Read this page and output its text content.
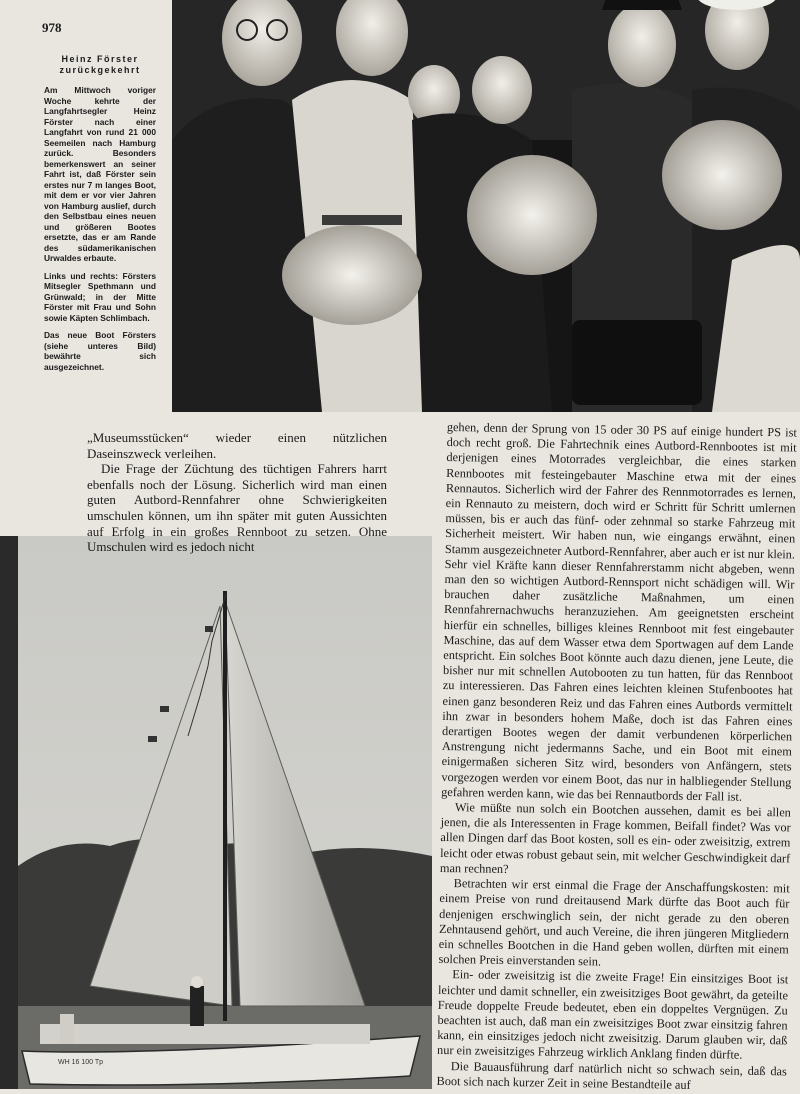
978
Heinz Förster
zurückgekehrt

Am Mittwoch voriger Woche kehrte der Langfahrtsegler Heinz Förster nach einer Langfahrt von rund 21 000 Seemeilen nach Hamburg zurück. Besonders bemerkenswert an seiner Fahrt ist, daß Förster sein erstes nur 7 m langes Boot, mit dem er vor vier Jahren von Hamburg auslief, durch den Selbstbau eines neuen und größeren Bootes ersetzte, das er am Rande des südamerikanischen Urwaldes erbaute.

Links und rechts: Försters Mitsegler Spethmann und Grünwald; in der Mitte Förster mit Frau und Sohn sowie Käpten Schlimbach.

Das neue Boot Försters (siehe unteres Bild) bewährte sich ausgezeichnet.

WH 16 100 Tp

„Museumsstücken“ wieder einen nützlichen Daseinszweck verleihen.

Die Frage der Züchtung des tüchtigen Fahrers harrt ebenfalls noch der Lösung. Sicherlich wird man einen guten Autbord-Rennfahrer ohne Schwierigkeiten umschulen können, um ihn später mit guten Aussichten auf Erfolg in ein großes Rennboot zu setzen. Ohne Umschulen wird es jedoch nicht

gehen, denn der Sprung von 15 oder 30 PS auf einige hundert PS ist doch recht groß. Die Fahrtechnik eines Autbord-Rennbootes ist mit derjenigen eines Motorrades vergleichbar, die eines starken Rennbootes mit festeingebauter Maschine etwa mit der eines Rennautos. Sicherlich wird der Fahrer des Rennmotorrades es lernen, ein Rennauto zu meistern, doch wird er Schritt für Schritt umlernen müssen, bis er auch das fünf- oder zehnmal so starke Fahrzeug mit Sicherheit meistert. Wir haben nun, wie eingangs erwähnt, einen Stamm ausgezeichneter Autbord-Rennfahrer, aber auch er ist nur klein. Sehr viel Kräfte kann dieser Rennfahrerstamm nicht abgeben, wenn man den so wichtigen Autbord-Rennsport nicht schädigen will. Wir brauchen daher zusätzliche Maßnahmen, um einen Rennfahrernachwuchs heranzuziehen. Am geeignetsten erscheint hierfür ein schnelles, billiges kleines Rennboot mit fest eingebauter Maschine, das auf dem Wasser etwa dem Sportwagen auf dem Lande entspricht. Ein solches Boot könnte auch dazu dienen, jene Leute, die bisher nur mit schnellen Autobooten zu tun hatten, für das Rennboot zu interessieren. Das Fahren eines leichten kleinen Stufenbootes hat einen ganz besonderen Reiz und das Fahren eines Autbords vermittelt ihn zwar in besonders hohem Maße, doch ist das Fahren eines derartigen Bootes wegen der damit verbundenen körperlichen Anstrengung nicht jedermanns Sache, und ein Boot mit einem einigermaßen sicheren Sitz wird, besonders von Anfängern, stets vorgezogen werden vor einem Boot, das nur in halbliegender Stellung gefahren werden kann, wie das bei Rennautbords der Fall ist.

Wie müßte nun solch ein Bootchen aussehen, damit es bei allen jenen, die als Interessenten in Frage kommen, Beifall findet? Was vor allen Dingen darf das Boot kosten, soll es ein- oder zweisitzig, extrem leicht oder etwas robust gebaut sein, mit welcher Geschwindigkeit darf man rechnen?

Betrachten wir erst einmal die Frage der Anschaffungskosten: mit einem Preise von rund dreitausend Mark dürfte das Boot auch für denjenigen erschwinglich sein, der nicht gerade zu den oberen Zehntausend gehört, und auch Vereine, die ihren jüngeren Mitgliedern ein schnelles Bootchen in die Hand geben wollen, dürften mit einem solchen Preis einverstanden sein.

Ein- oder zweisitzig ist die zweite Frage! Ein einsitziges Boot ist leichter und damit schneller, ein zweisitziges Boot gewährt, da geteilte Freude doppelte Freude bedeutet, eben ein doppeltes Vergnügen. Zu beachten ist auch, daß man ein zweisitziges Boot zwar einsitzig fahren kann, ein einsitziges jedoch nicht zweisitzig. Darum glauben wir, daß nur ein zweisitziges Fahrzeug wirklich Anklang finden dürfte.

Die Bauausführung darf natürlich nicht so schwach sein, daß das Boot sich nach kurzer Zeit in seine Bestandteile auf
